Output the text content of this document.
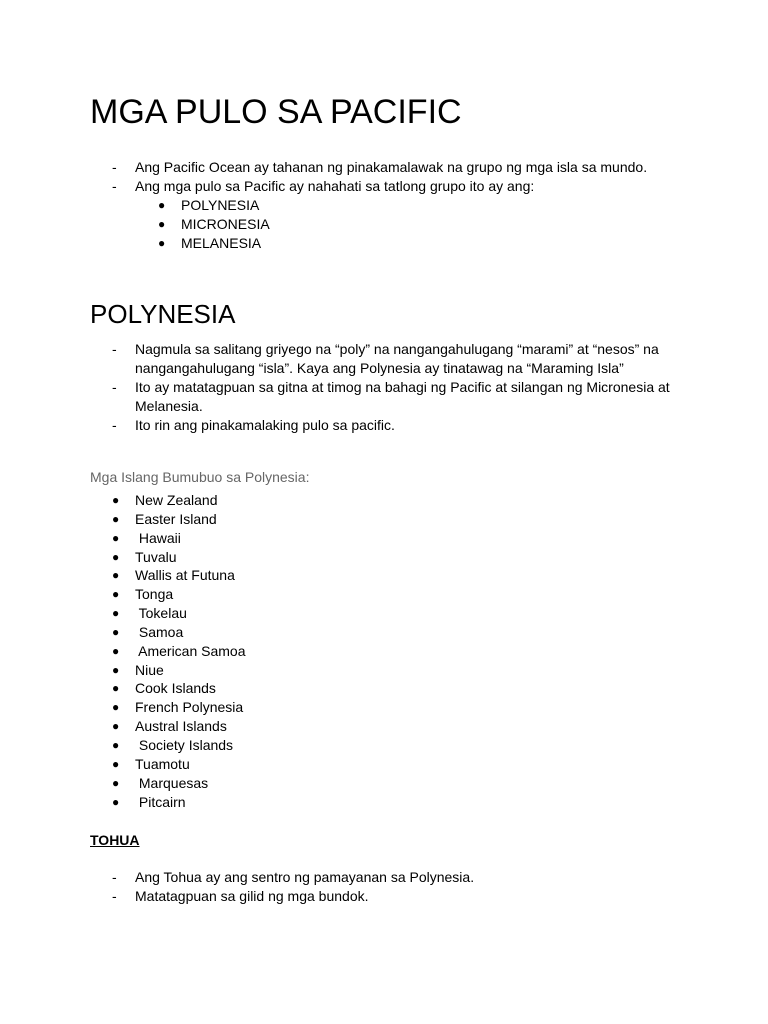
MGA PULO SA PACIFIC
- Ang Pacific Ocean ay tahanan ng pinakamalawak na grupo ng mga isla sa mundo.
- Ang mga pulo sa Pacific ay nahahati sa tatlong grupo ito ay ang:
● POLYNESIA
● MICRONESIA
● MELANESIA
POLYNESIA
- Nagmula sa salitang griyego na “poly” na nangangahulugang “marami” at “nesos” na nangangahulugang “isla”. Kaya ang Polynesia ay tinatawag na “Maraming Isla”
- Ito ay matatagpuan sa gitna at timog na bahagi ng Pacific at silangan ng Micronesia at Melanesia.
- Ito rin ang pinakamalaking pulo sa pacific.
Mga Islang Bumubuo sa Polynesia:
● New Zealand
● Easter Island
● Hawaii
● Tuvalu
● Wallis at Futuna
● Tonga
● Tokelau
● Samoa
● American Samoa
● Niue
● Cook Islands
● French Polynesia
● Austral Islands
● Society Islands
● Tuamotu
● Marquesas
● Pitcairn
TOHUA
- Ang Tohua ay ang sentro ng pamayanan sa Polynesia.
- Matatagpuan sa gilid ng mga bundok.
